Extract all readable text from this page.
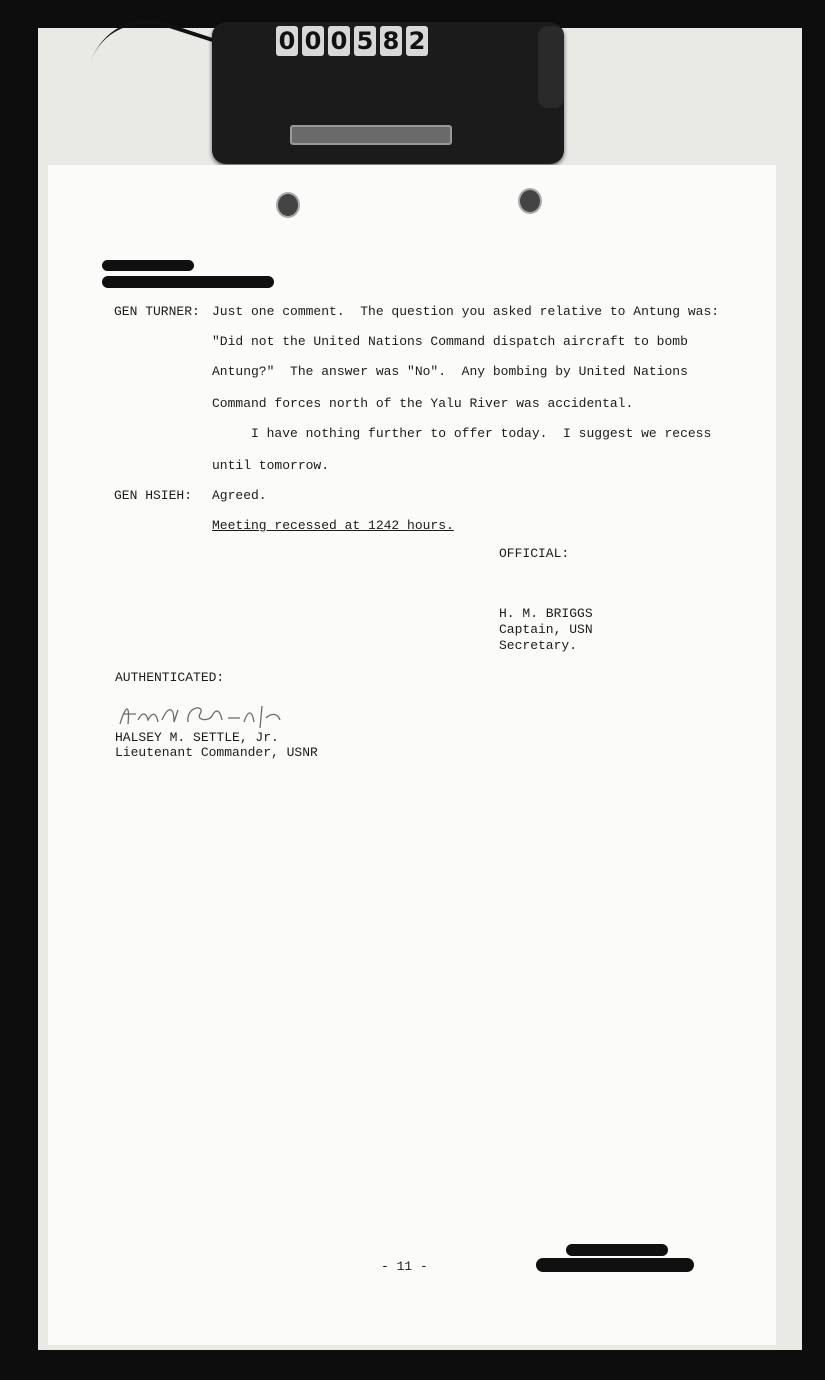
0 0 0 5 8 2
GEN TURNER: Just one comment.  The question you asked relative to Antung was:
"Did not the United Nations Command dispatch aircraft to bomb
Antung?"  The answer was "No".  Any bombing by United Nations
Command forces north of the Yalu River was accidental.
I have nothing further to offer today.  I suggest we recess
until tomorrow.
GEN HSIEH: Agreed.
Meeting recessed at 1242 hours.
OFFICIAL:
H. M. BRIGGS
Captain, USN
Secretary.
AUTHENTICATED:
HALSEY M. SETTLE, Jr.
Lieutenant Commander, USNR
- 11 -
